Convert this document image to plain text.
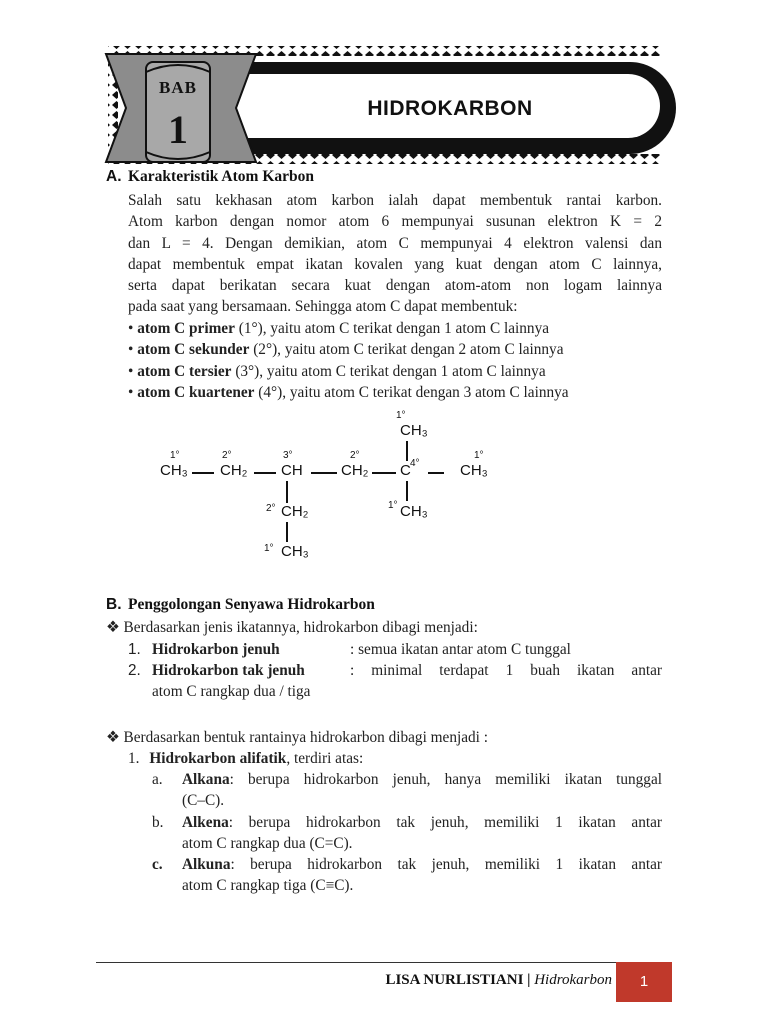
BAB
1	HIDROKARBON
A. Karakteristik Atom Karbon
Salah satu kekhasan atom karbon ialah dapat membentuk rantai karbon.
Atom karbon dengan nomor atom 6 mempunyai susunan elektron K = 2
dan L = 4. Dengan demikian, atom C mempunyai 4 elektron valensi dan
dapat membentuk empat ikatan kovalen yang kuat dengan atom C lainnya,
serta dapat berikatan secara kuat dengan atom-atom non logam lainnya
pada saat yang bersamaan. Sehingga atom C dapat membentuk:
• atom C primer (1°), yaitu atom C terikat dengan 1 atom C lainnya
• atom C sekunder (2°), yaitu atom C terikat dengan 2 atom C lainnya
• atom C tersier (3°), yaitu atom C terikat dengan 1 atom C lainnya
• atom C kuartener (4°), yaitu atom C terikat dengan 3 atom C lainnya
1°
CH₃
1°
CH₃
2°
CH₂
3°
CH
2°
CH₂ C 4°
1°
CH₃
1° CH₃
2° CH₂
1° CH₃
B. Penggolongan Senyawa Hidrokarbon
❖ Berdasarkan jenis ikatannya, hidrokarbon dibagi menjadi:
1. Hidrokarbon jenuh	: semua ikatan antar atom C tunggal
2. Hidrokarbon tak jenuh	: minimal terdapat 1 buah ikatan antar
atom C rangkap dua / tiga
❖ Berdasarkan bentuk rantainya hidrokarbon dibagi menjadi :
1. Hidrokarbon alifatik, terdiri atas:
a. Alkana: berupa hidrokarbon jenuh, hanya memiliki ikatan tunggal
(C–C).
b. Alkena: berupa hidrokarbon tak jenuh, memiliki 1 ikatan antar
atom C rangkap dua (C=C).
c. Alkuna: berupa hidrokarbon tak jenuh, memiliki 1 ikatan antar
atom C rangkap tiga (C≡C).
LISA NURLISTIANI | Hidrokarbon	1
